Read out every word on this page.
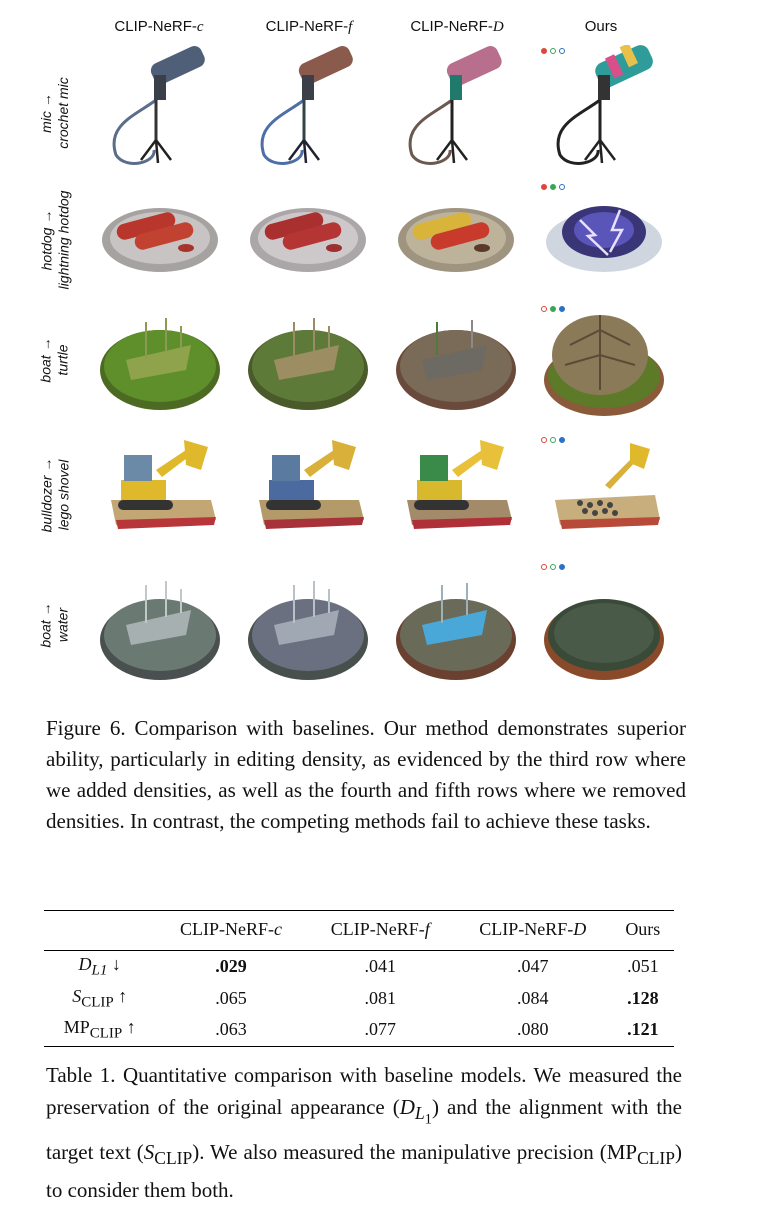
CLIP-NeRF-c	CLIP-NeRF-f	CLIP-NeRF-D	Ours
mic → crochet mic
hotdog → lightning hotdog
boat → turtle
bulldozer → lego shovel
boat → water
Figure 6. Comparison with baselines. Our method demonstrates superior ability, particularly in editing density, as evidenced by the third row where we added densities, as well as the fourth and fifth rows where we removed densities. In contrast, the competing methods fail to achieve these tasks.
	CLIP-NeRF-c	CLIP-NeRF-f	CLIP-NeRF-D	Ours
$D_{L1}$ ↓	.029	.041	.047	.051
$S_{CLIP}$ ↑	.065	.081	.084	.128
$MP_{CLIP}$ ↑	.063	.077	.080	.121
Table 1. Quantitative comparison with baseline models. We measured the preservation of the original appearance $(D_{L_1})$ and the alignment with the target text $(S_{CLIP})$. We also measured the manipulative precision $(MP_{CLIP})$ to consider them both.
